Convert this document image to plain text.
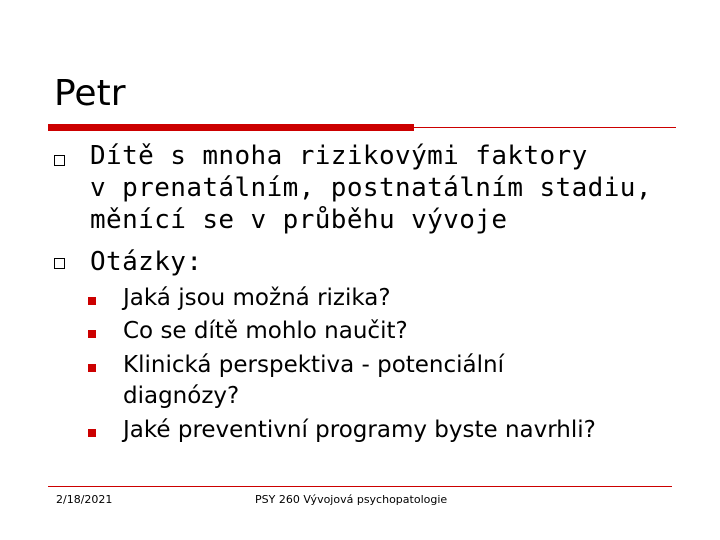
Petr
Dítě s mnoha rizikovými faktory
v prenatálním, postnatálním stadiu,
měnící se v průběhu vývoje
Otázky:
Jaká jsou možná rizika?
Co se dítě mohlo naučit?
Klinická perspektiva - potenciální
diagnózy?
Jaké preventivní programy byste navrhli?
2/18/2021	PSY 260 Vývojová psychopatologie
